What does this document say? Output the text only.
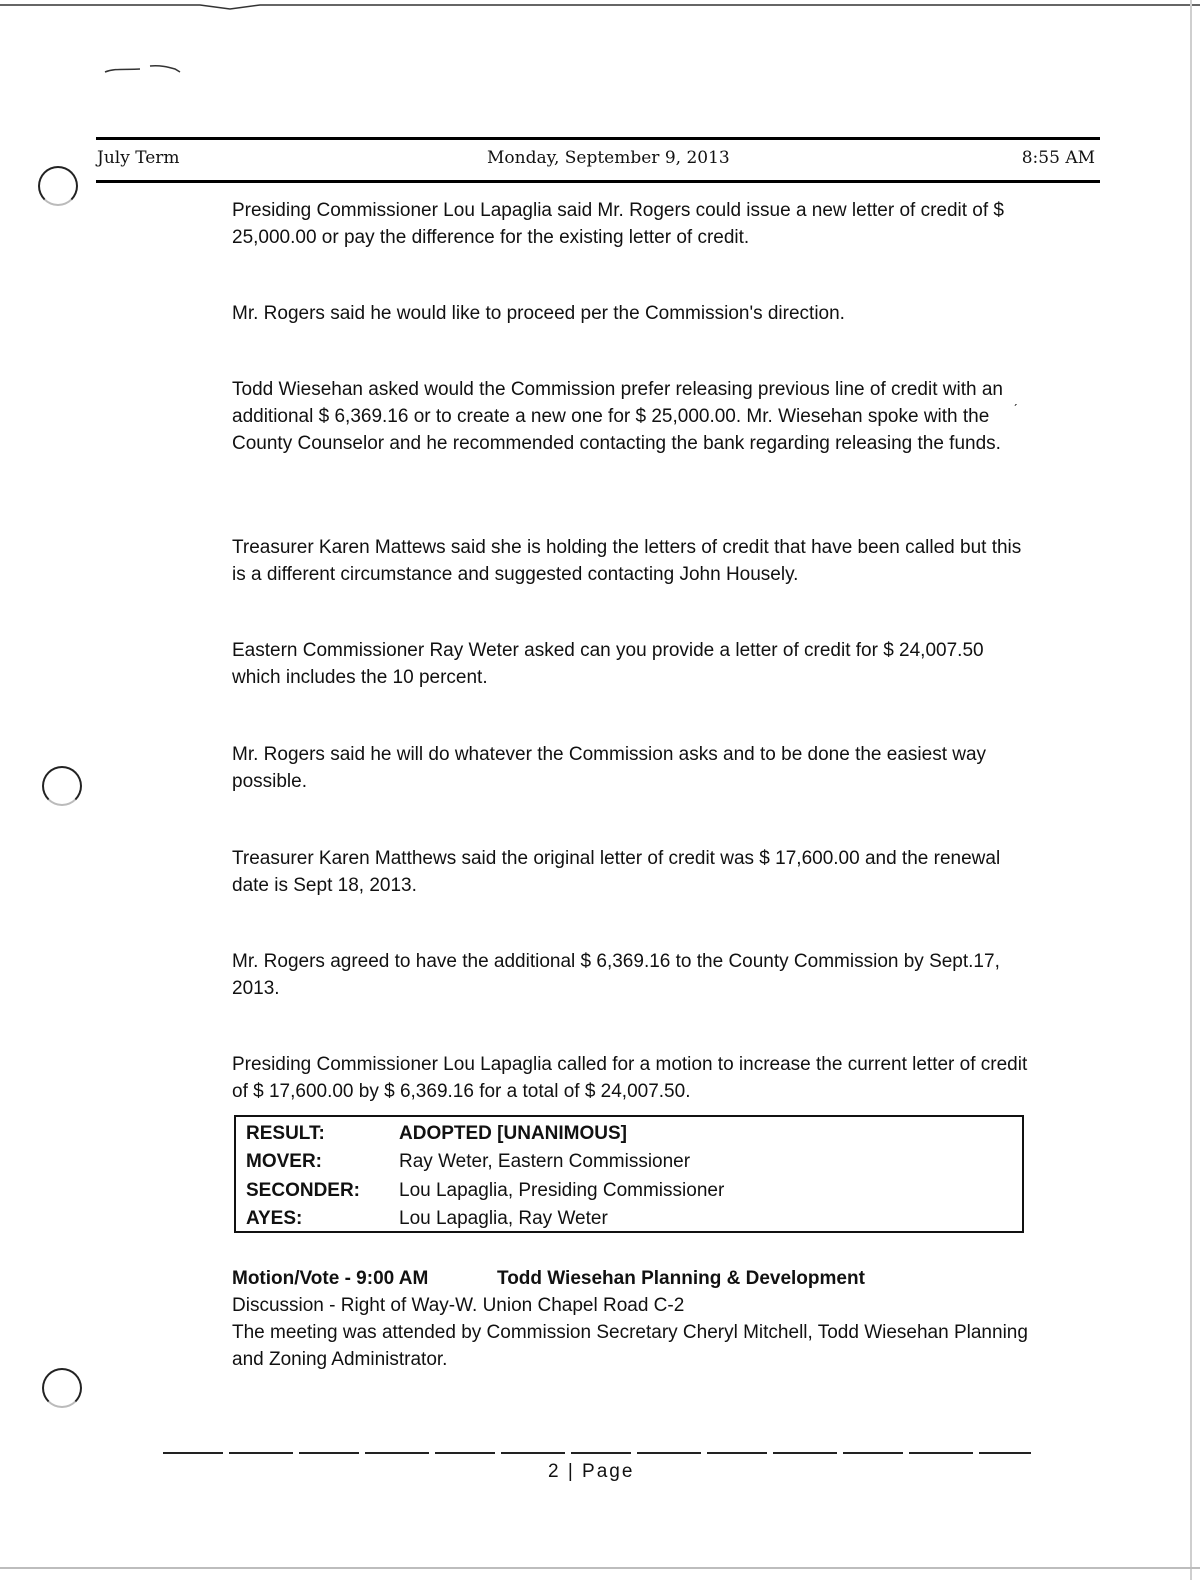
July Term	Monday, September 9, 2013	8:55 AM

Presiding Commissioner Lou Lapaglia said Mr. Rogers could issue a new letter of credit of $ 25,000.00 or pay the difference for the existing letter of credit.

Mr. Rogers said he would like to proceed per the Commission's direction.

Todd Wiesehan asked would the Commission prefer releasing previous line of credit with an additional $ 6,369.16 or to create a new one for $ 25,000.00. Mr. Wiesehan spoke with the County Counselor and he recommended contacting the bank regarding releasing the funds.

ˏ

Treasurer Karen Mattews said she is holding the letters of credit that have been called but this is a different circumstance and suggested contacting John Housely.

Eastern Commissioner Ray Weter asked can you provide a letter of credit for $ 24,007.50 which includes the 10 percent.

Mr. Rogers said he will do whatever the Commission asks and to be done the easiest way possible.

Treasurer Karen Matthews said the original letter of credit was $ 17,600.00 and the renewal date is Sept 18, 2013.

Mr. Rogers agreed to have the additional $ 6,369.16 to the County Commission by Sept.17, 2013.

Presiding Commissioner Lou Lapaglia called for a motion to increase the current letter of credit of $ 17,600.00 by $ 6,369.16 for a total of $ 24,007.50.

RESULT:	ADOPTED [UNANIMOUS]
MOVER:	Ray Weter, Eastern Commissioner
SECONDER: Lou Lapaglia, Presiding Commissioner
AYES:	Lou Lapaglia, Ray Weter
Motion/Vote - 9:00 AM	Todd Wiesehan Planning & Development
Discussion - Right of Way-W. Union Chapel Road C-2
The meeting was attended by Commission Secretary Cheryl Mitchell, Todd Wiesehan Planning and Zoning Administrator.
2 | Page
